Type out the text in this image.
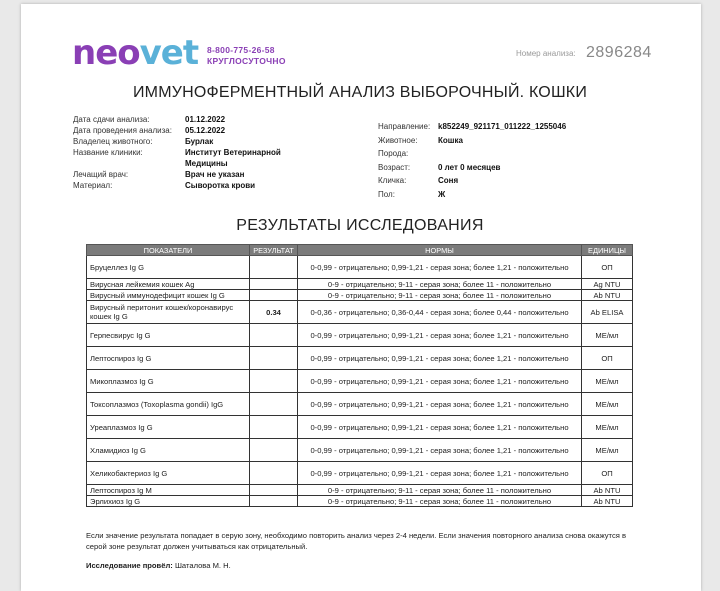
neovet 8-800-775-26-58
КРУГЛОСУТОЧНО
Номер анализа: 2896284
ИММУНОФЕРМЕНТНЫЙ АНАЛИЗ ВЫБОРОЧНЫЙ. КОШКИ
Дата сдачи анализа:	01.12.2022
Дата проведения анализа:	05.12.2022
Владелец животного:	Бурлак
Название клиники:	Институт Ветеринарной Медицины
Лечащий врач:	Врач не указан
Материал:	Сыворотка крови
Направление: k852249_921171_011222_1255046
Животное:	Кошка
Порода:
Возраст:	0 лет 0 месяцев
Кличка:	Соня
Пол:	Ж
РЕЗУЛЬТАТЫ ИССЛЕДОВАНИЯ
ПОКАЗАТЕЛИ	РЕЗУЛЬТАТ	НОРМЫ	ЕДИНИЦЫ
Бруцеллез Ig G		0-0,99 - отрицательно; 0,99-1,21 - серая зона; более 1,21 - положительно	ОП
Вирусная лейкемия кошек Ag		0-9 - отрицательно; 9-11 - серая зона; более 11 - положительно	Ag NTU
Вирусный иммунодефицит кошек Ig G		0-9 - отрицательно; 9-11 - серая зона; более 11 - положительно	Ab NTU
Вирусный перитонит кошек/коронавирус кошек Ig G	0.34	0-0,36 - отрицательно; 0,36-0,44 - серая зона; более 0,44 - положительно	Ab ELISA
Герпесвирус Ig G		0-0,99 - отрицательно; 0,99-1,21 - серая зона; более 1,21 - положительно	МЕ/мл
Лептоспироз Ig G		0-0,99 - отрицательно; 0,99-1,21 - серая зона; более 1,21 - положительно	ОП
Микоплазмоз Ig G		0-0,99 - отрицательно; 0,99-1,21 - серая зона; более 1,21 - положительно	МЕ/мл
Токсоплазмоз (Toxoplasma gondii) IgG		0-0,99 - отрицательно; 0,99-1,21 - серая зона; более 1,21 - положительно	МЕ/мл
Уреаплазмоз Ig G		0-0,99 - отрицательно; 0,99-1,21 - серая зона; более 1,21 - положительно	МЕ/мл
Хламидиоз Ig G		0-0,99 - отрицательно; 0,99-1,21 - серая зона; более 1,21 - положительно	МЕ/мл
Хеликобактериоз Ig G		0-0,99 - отрицательно; 0,99-1,21 - серая зона; более 1,21 - положительно	ОП
Лептоспироз Ig M		0-9 - отрицательно; 9-11 - серая зона; более 11 - положительно	Ab NTU
Эрлихиоз Ig G		0-9 - отрицательно; 9-11 - серая зона; более 11 - положительно	Ab NTU
Если значение результата попадает в серую зону, необходимо повторить анализ через 2-4 недели. Если значения повторного анализа снова окажутся в серой зоне результат должен учитываться как отрицательный.
Исследование провёл: Шаталова М. Н.
